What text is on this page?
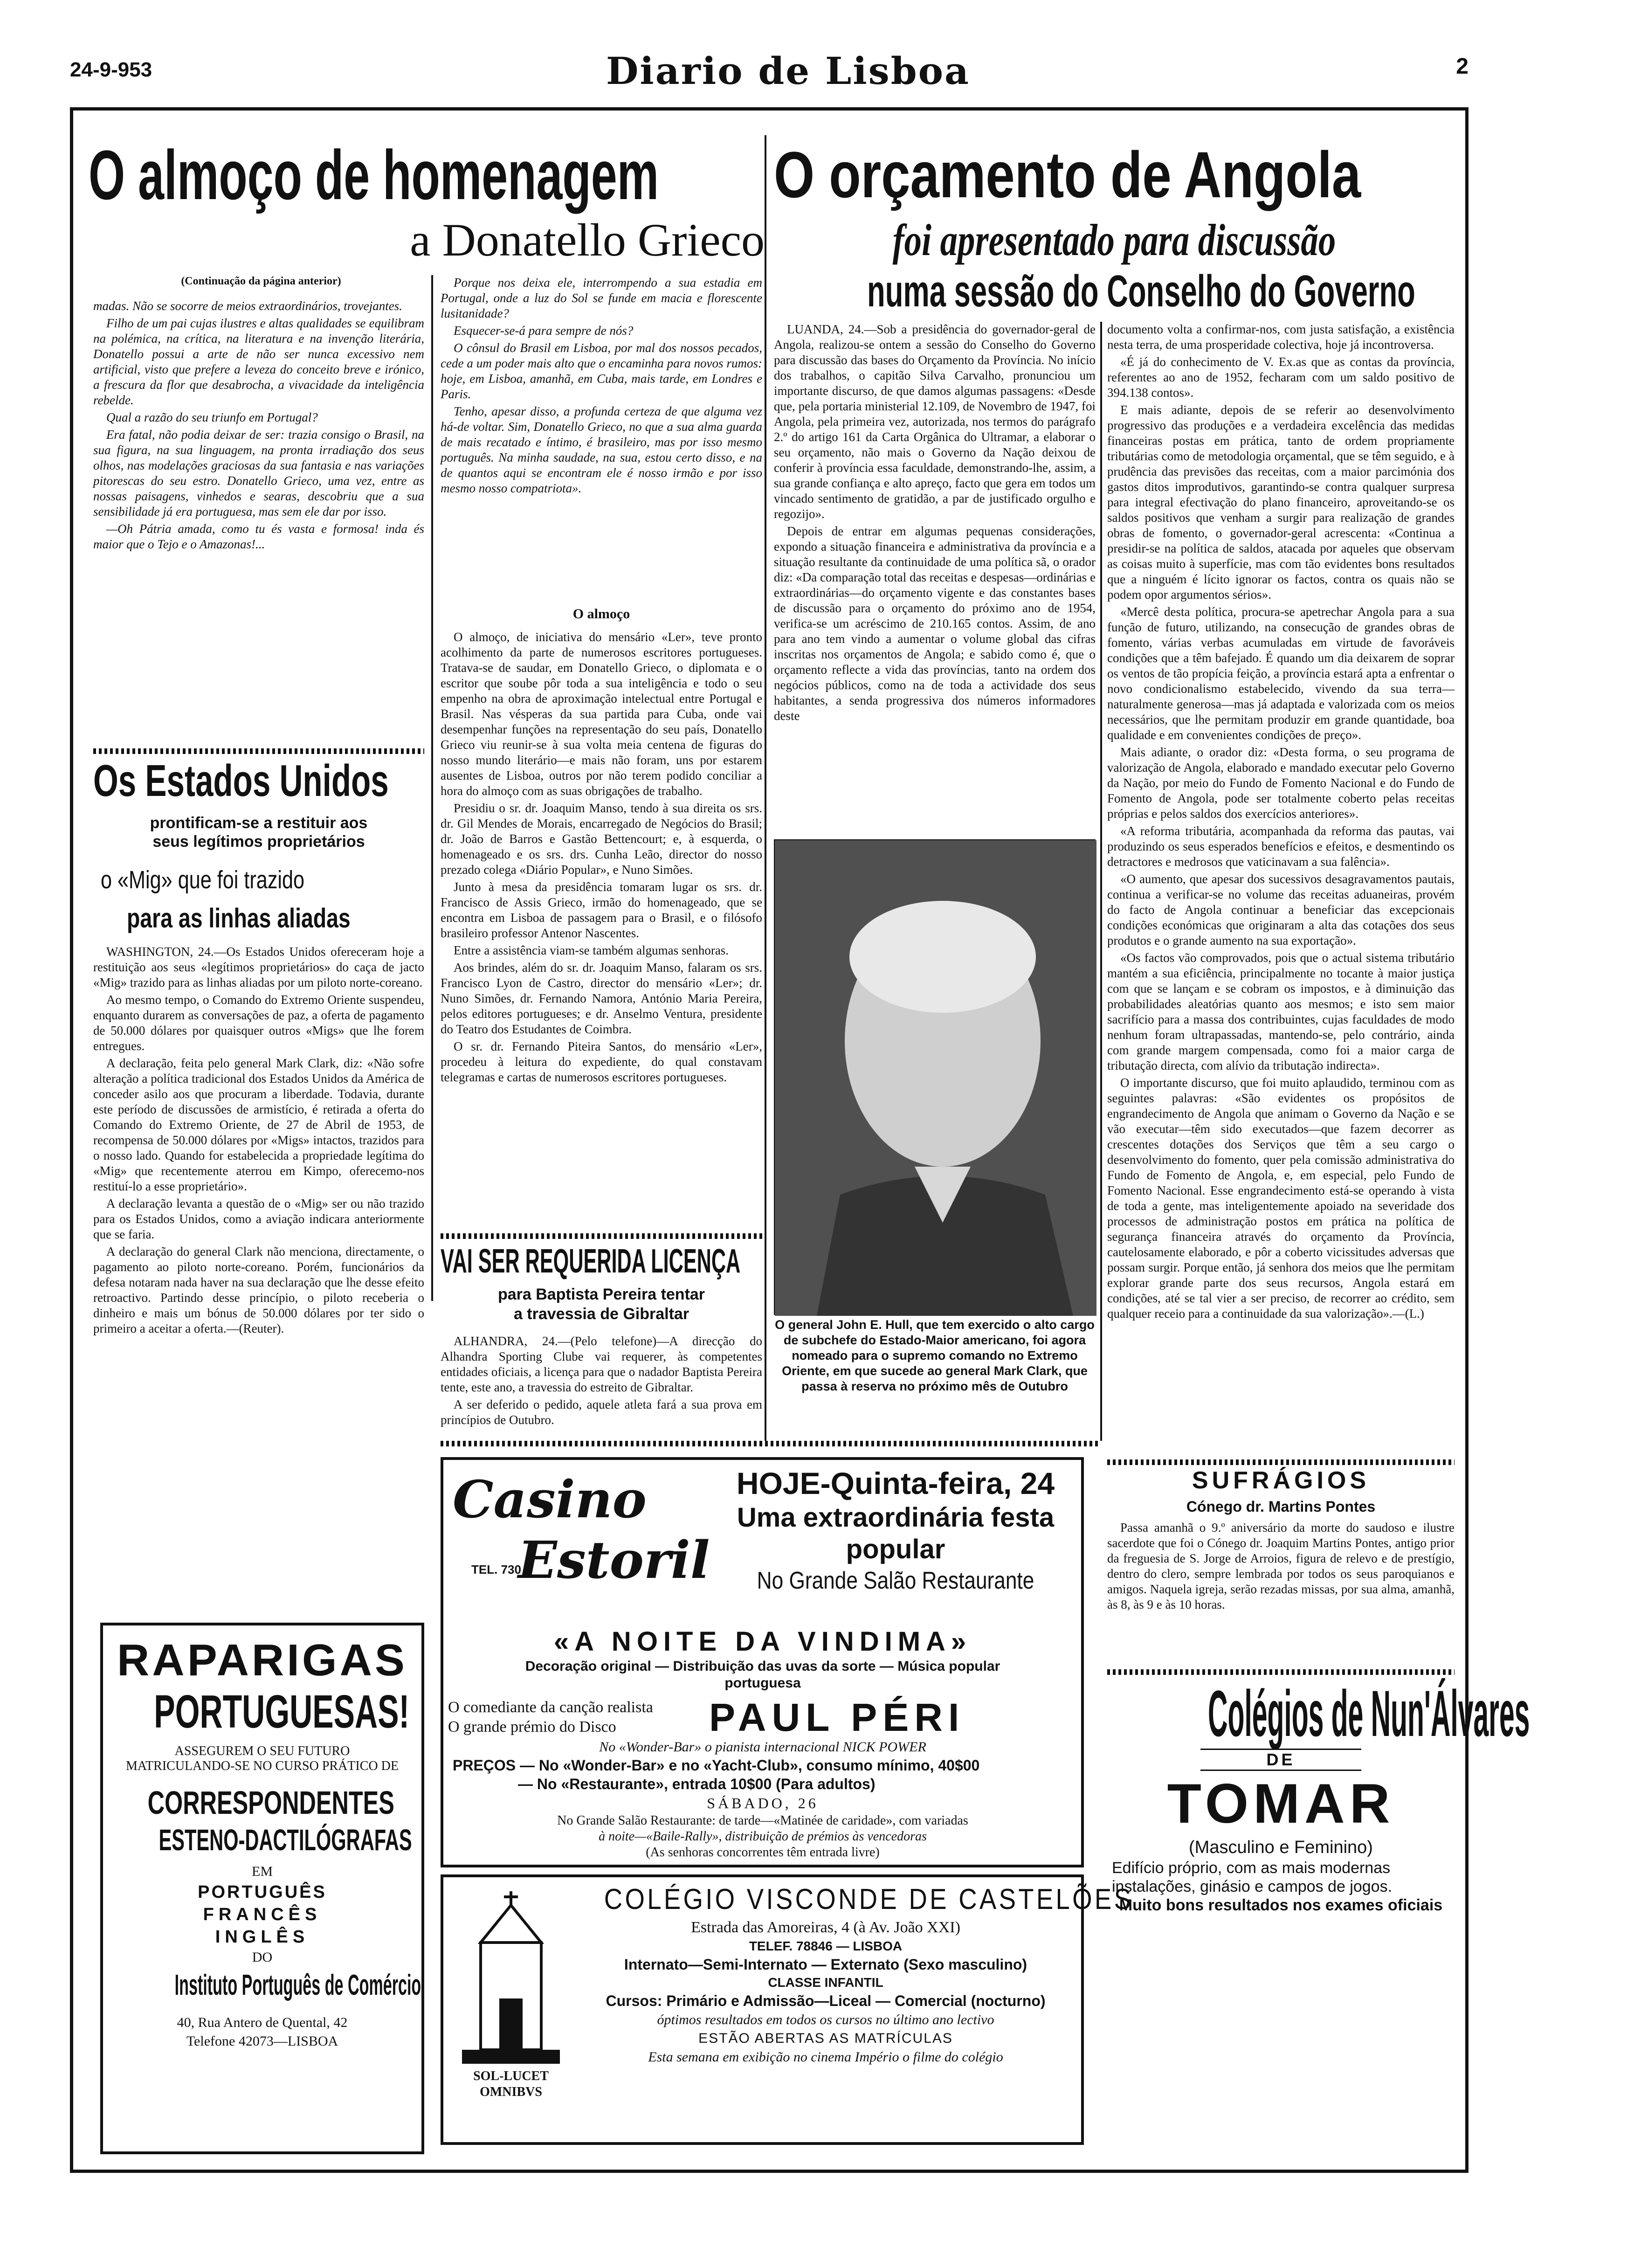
24-9-953	Diario de Lisboa	2
O almoço de homenagem
a Donatello Grieco
(Continuação da página anterior)

madas. Não se socorre de meios extraordinários, trovejantes.

Filho de um pai cujas ilustres e altas qualidades se equilibram na polémica, na crítica, na literatura e na invenção literária, Donatello possui a arte de não ser nunca excessivo nem artificial, visto que prefere a leveza do conceito breve e irónico, a frescura da flor que desabrocha, a vivacidade da inteligência rebelde.

Qual a razão do seu triunfo em Portugal?

Era fatal, não podia deixar de ser: trazia consigo o Brasil, na sua figura, na sua linguagem, na pronta irradiação dos seus olhos, nas modelações graciosas da sua fantasia e nas variações pitorescas do seu estro. Donatello Grieco, uma vez, entre as nossas paisagens, vinhedos e searas, descobriu que a sua sensibilidade já era portuguesa, mas sem ele dar por isso.

—Oh Pátria amada, como tu és vasta e formosa! inda és maior que o Tejo e o Amazonas!...

Porque nos deixa ele, interrompendo a sua estadia em Portugal, onde a luz do Sol se funde em macia e florescente lusitanidade?

Esquecer-se-á para sempre de nós?

O cônsul do Brasil em Lisboa, por mal dos nossos pecados, cede a um poder mais alto que o encaminha para novos rumos: hoje, em Lisboa, amanhã, em Cuba, mais tarde, em Londres e Paris.

Tenho, apesar disso, a profunda certeza de que alguma vez há-de voltar. Sim, Donatello Grieco, no que a sua alma guarda de mais recatado e íntimo, é brasileiro, mas por isso mesmo português. Na minha saudade, na sua, estou certo disso, e na de quantos aqui se encontram ele é nosso irmão e por isso mesmo nosso compatriota».

O almoço

O almoço, de iniciativa do mensário «Ler», teve pronto acolhimento da parte de numerosos escritores portugueses. Tratava-se de saudar, em Donatello Grieco, o diplomata e o escritor que soube pôr toda a sua inteligência e todo o seu empenho na obra de aproximação intelectual entre Portugal e Brasil. Nas vésperas da sua partida para Cuba, onde vai desempenhar funções na representação do seu país, Donatello Grieco viu reunir-se à sua volta meia centena de figuras do nosso mundo literário—e mais não foram, uns por estarem ausentes de Lisboa, outros por não terem podido conciliar a hora do almoço com as suas obrigações de trabalho.

Presidiu o sr. dr. Joaquim Manso, tendo à sua direita os srs. dr. Gil Mendes de Morais, encarregado de Negócios do Brasil; dr. João de Barros e Gastão Bettencourt; e, à esquerda, o homenageado e os srs. drs. Cunha Leão, director do nosso prezado colega «Diário Popular», e Nuno Simões.

Junto à mesa da presidência tomaram lugar os srs. dr. Francisco de Assis Grieco, irmão do homenageado, que se encontra em Lisboa de passagem para o Brasil, e o filósofo brasileiro professor Antenor Nascentes.

Entre a assistência viam-se também algumas senhoras.

Aos brindes, além do sr. dr. Joaquim Manso, falaram os srs. Francisco Lyon de Castro, director do mensário «Ler»; dr. Nuno Simões, dr. Fernando Namora, António Maria Pereira, pelos editores portugueses; e dr. Anselmo Ventura, presidente do Teatro dos Estudantes de Coimbra.

O sr. dr. Fernando Piteira Santos, do mensário «Ler», procedeu à leitura do expediente, do qual constavam telegramas e cartas de numerosos escritores portugueses.

Os Estados Unidos
prontificam-se a restituir aos seus legítimos proprietários
o «Mig» que foi trazido
para as linhas aliadas

WASHINGTON, 24.—Os Estados Unidos ofereceram hoje a restituição aos seus «legítimos proprietários» do caça de jacto «Mig» trazido para as linhas aliadas por um piloto norte-coreano.

Ao mesmo tempo, o Comando do Extremo Oriente suspendeu, enquanto durarem as conversações de paz, a oferta de pagamento de 50.000 dólares por quaisquer outros «Migs» que lhe forem entregues.

A declaração, feita pelo general Mark Clark, diz: «Não sofre alteração a política tradicional dos Estados Unidos da América de conceder asilo aos que procuram a liberdade. Todavia, durante este período de discussões de armistício, é retirada a oferta do Comando do Extremo Oriente, de 27 de Abril de 1953, de recompensa de 50.000 dólares por «Migs» intactos, trazidos para o nosso lado. Quando for estabelecida a propriedade legítima do «Mig» que recentemente aterrou em Kimpo, oferecemo-nos restituí-lo a esse proprietário».

A declaração levanta a questão de o «Mig» ser ou não trazido para os Estados Unidos, como a aviação indicara anteriormente que se faria.

A declaração do general Clark não menciona, directamente, o pagamento ao piloto norte-coreano. Porém, funcionários da defesa notaram nada haver na sua declaração que lhe desse efeito retroactivo. Partindo desse princípio, o piloto receberia o dinheiro e mais um bónus de 50.000 dólares por ter sido o primeiro a aceitar a oferta.—(Reuter).

VAI SER REQUERIDA LICENÇA
para Baptista Pereira tentar
a travessia de Gibraltar

ALHANDRA, 24.—(Pelo telefone)—A direcção do Alhandra Sporting Clube vai requerer, às competentes entidades oficiais, a licença para que o nadador Baptista Pereira tente, este ano, a travessia do estreito de Gibraltar.

A ser deferido o pedido, aquele atleta fará a sua prova em princípios de Outubro.

O orçamento de Angola
foi apresentado para discussão
numa sessão do Conselho do Governo

LUANDA, 24.—Sob a presidência do governador-geral de Angola, realizou-se ontem a sessão do Conselho do Governo para discussão das bases do Orçamento da Província. No início dos trabalhos, o capitão Silva Carvalho, pronunciou um importante discurso, de que damos algumas passagens: «Desde que, pela portaria ministerial 12.109, de Novembro de 1947, foi Angola, pela primeira vez, autorizada, nos termos do parágrafo 2.º do artigo 161 da Carta Orgânica do Ultramar, a elaborar o seu orçamento, não mais o Governo da Nação deixou de conferir à província essa faculdade, demonstrando-lhe, assim, a sua grande confiança e alto apreço, facto que gera em todos um vincado sentimento de gratidão, a par de justificado orgulho e regozijo».

Depois de entrar em algumas pequenas considerações, expondo a situação financeira e administrativa da província e a situação resultante da continuidade de uma política sã, o orador diz: «Da comparação total das receitas e despesas—ordinárias e extraordinárias—do orçamento vigente e das constantes bases de discussão para o orçamento do próximo ano de 1954, verifica-se um acréscimo de 210.165 contos. Assim, de ano para ano tem vindo a aumentar o volume global das cifras inscritas nos orçamentos de Angola; e sabido como é, que o orçamento reflecte a vida das províncias, tanto na ordem dos negócios públicos, como na de toda a actividade dos seus habitantes, a senda progressiva dos números informadores deste

O general John E. Hull, que tem exercido o alto cargo de subchefe do Estado-Maior americano, foi agora nomeado para o supremo comando no Extremo Oriente, em que sucede ao general Mark Clark, que passa à reserva no próximo mês de Outubro

documento volta a confirmar-nos, com justa satisfação, a existência nesta terra, de uma prosperidade colectiva, hoje já incontroversa.

«É já do conhecimento de V. Ex.as que as contas da província, referentes ao ano de 1952, fecharam com um saldo positivo de 394.138 contos».

E mais adiante, depois de se referir ao desenvolvimento progressivo das produções e a verdadeira excelência das medidas financeiras postas em prática, tanto de ordem propriamente tributárias como de metodologia orçamental, que se têm seguido, e à prudência das previsões das receitas, com a maior parcimónia dos gastos ditos improdutivos, garantindo-se contra qualquer surpresa para integral efectivação do plano financeiro, aproveitando-se os saldos positivos que venham a surgir para realização de grandes obras de fomento, o governador-geral acrescenta: «Continua a presidir-se na política de saldos, atacada por aqueles que observam as coisas muito à superfície, mas com tão evidentes bons resultados que a ninguém é lícito ignorar os factos, contra os quais não se podem opor argumentos sérios».

«Mercê desta política, procura-se apetrechar Angola para a sua função de futuro, utilizando, na consecução de grandes obras de fomento, várias verbas acumuladas em virtude de favoráveis condições que a têm bafejado. É quando um dia deixarem de soprar os ventos de tão propícia feição, a província estará apta a enfrentar o novo condicionalismo estabelecido, vivendo da sua terra—naturalmente generosa—mas já adaptada e valorizada com os meios necessários, que lhe permitam produzir em grande quantidade, boa qualidade e em convenientes condições de preço».

Mais adiante, o orador diz: «Desta forma, o seu programa de valorização de Angola, elaborado e mandado executar pelo Governo da Nação, por meio do Fundo de Fomento Nacional e do Fundo de Fomento de Angola, pode ser totalmente coberto pelas receitas próprias e pelos saldos dos exercícios anteriores».

«A reforma tributária, acompanhada da reforma das pautas, vai produzindo os seus esperados benefícios e efeitos, e desmentindo os detractores e medrosos que vaticinavam a sua falência».

«O aumento, que apesar dos sucessivos desagravamentos pautais, continua a verificar-se no volume das receitas aduaneiras, provém do facto de Angola continuar a beneficiar das excepcionais condições económicas que originaram a alta das cotações dos seus produtos e o grande aumento na sua exportação».

«Os factos vão comprovados, pois que o actual sistema tributário mantém a sua eficiência, principalmente no tocante à maior justiça com que se lançam e se cobram os impostos, e à diminuição das probabilidades aleatórias quanto aos mesmos; e isto sem maior sacrifício para a massa dos contribuintes, cujas faculdades de modo nenhum foram ultrapassadas, mantendo-se, pelo contrário, ainda com grande margem compensada, como foi a maior carga de tributação directa, com alívio da tributação indirecta».

O importante discurso, que foi muito aplaudido, terminou com as seguintes palavras: «São evidentes os propósitos de engrandecimento de Angola que animam o Governo da Nação e se vão executar—têm sido executados—que fazem decorrer as crescentes dotações dos Serviços que têm a seu cargo o desenvolvimento do fomento, quer pela comissão administrativa do Fundo de Fomento de Angola, e, em especial, pelo Fundo de Fomento Nacional. Esse engrandecimento está-se operando à vista de toda a gente, mas inteligentemente apoiado na severidade dos processos de administração postos em prática na política de segurança financeira através do orçamento da Província, cautelosamente elaborado, e pôr a coberto vicissitudes adversas que possam surgir. Porque então, já senhora dos meios que lhe permitam explorar grande parte dos seus recursos, Angola estará em condições, até se tal vier a ser preciso, de recorrer ao crédito, sem qualquer receio para a continuidade da sua valorização».—(L.)

SUFRÁGIOS
Cónego dr. Martins Pontes

Passa amanhã o 9.º aniversário da morte do saudoso e ilustre sacerdote que foi o Cónego dr. Joaquim Martins Pontes, antigo prior da freguesia de S. Jorge de Arroios, figura de relevo e de prestígio, dentro do clero, sempre lembrada por todos os seus paroquianos e amigos. Naquela igreja, serão rezadas missas, por sua alma, amanhã, às 8, às 9 e às 10 horas.

RAPARIGAS
PORTUGUESAS!
ASSEGUREM O SEU FUTURO MATRICULANDO-SE NO CURSO PRÁTICO DE
CORRESPONDENTES
ESTENO-DACTILÓGRAFAS
EM
PORTUGUÊS
FRANCÊS
INGLÊS
DO
Instituto Português de Comércio
40, Rua Antero de Quental, 42
Telefone 42073—LISBOA
Casino
Estoril
TEL. 730
HOJE-Quinta-feira, 24
Uma extraordinária festa
popular
No Grande Salão Restaurante
«A NOITE DA VINDIMA»
Decoração original — Distribuição das uvas da sorte — Música popular portuguesa
O comediante da canção realista
O grande prémio do Disco	PAUL PÉRI
No «Wonder-Bar» o pianista internacional NICK POWER
PREÇOS — No «Wonder-Bar» e no «Yacht-Club», consumo mínimo, 40$00
— No «Restaurante», entrada 10$00 (Para adultos)
SÁBADO, 26
No Grande Salão Restaurante: de tarde—«Matinée de caridade», com variadas
à noite—«Baile-Rally», distribuição de prémios às vencedoras
(As senhoras concorrentes têm entrada livre)
SOL-LUCET OMNIBVS
COLÉGIO VISCONDE DE CASTELÕES
Estrada das Amoreiras, 4 (à Av. João XXI)
TELEF. 78846 — LISBOA
Internato—Semi-Internato — Externato (Sexo masculino)
CLASSE INFANTIL
Cursos: Primário e Admissão—Liceal — Comercial (nocturno)
óptimos resultados em todos os cursos no último ano lectivo
ESTÃO ABERTAS AS MATRÍCULAS
Esta semana em exibição no cinema Império o filme do colégio
Colégios de Nun'Álvares
DE
TOMAR
(Masculino e Feminino)
Edifício próprio, com as mais modernas instalações, ginásio e campos de jogos.
Muito bons resultados nos exames oficiais
